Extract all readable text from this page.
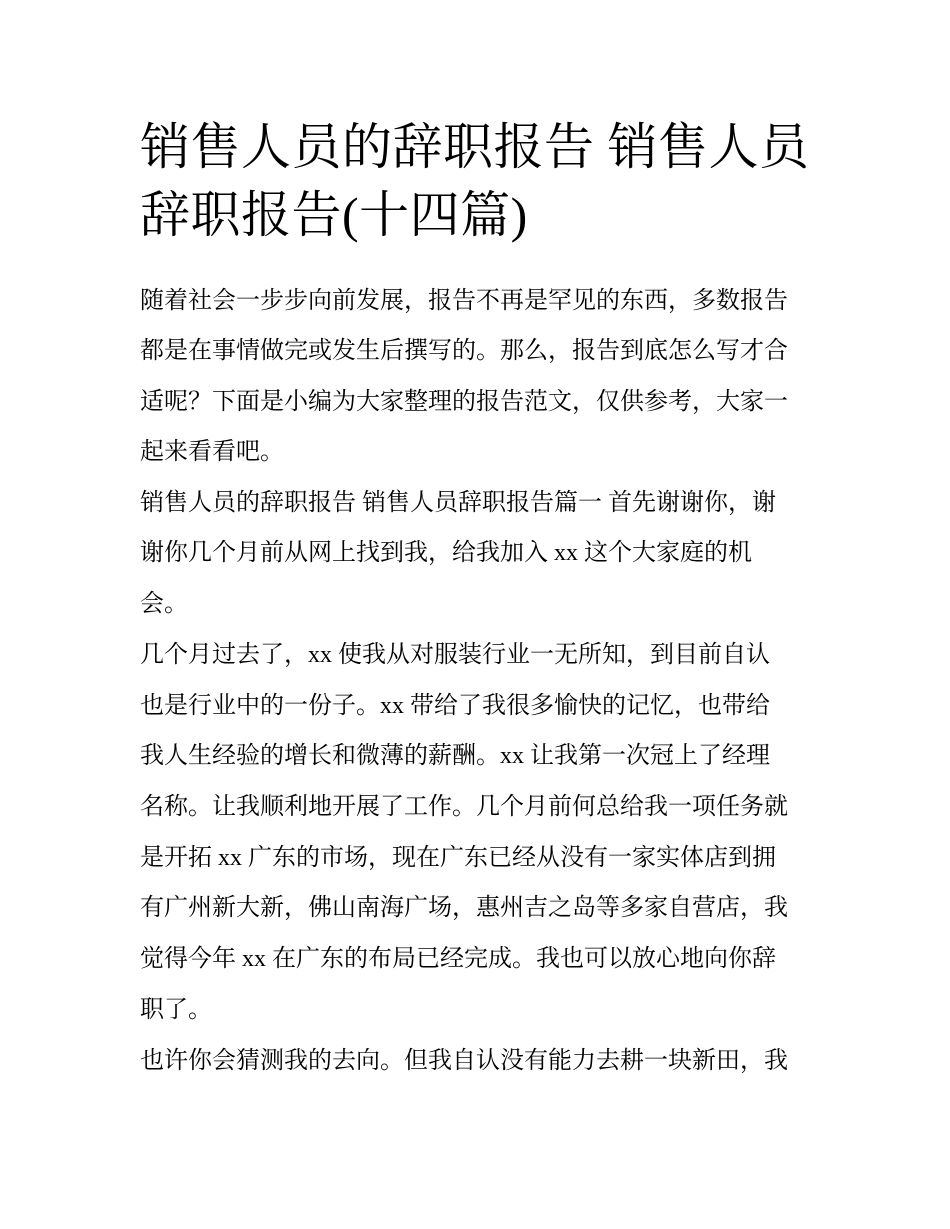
销售人员的辞职报告 销售人员
辞职报告(十四篇)

随着社会一步步向前发展，报告不再是罕见的东西，多数报告

都是在事情做完或发生后撰写的。那么，报告到底怎么写才合

适呢？下面是小编为大家整理的报告范文，仅供参考，大家一

起来看看吧。

销售人员的辞职报告 销售人员辞职报告篇一 首先谢谢你，谢

谢你几个月前从网上找到我，给我加入 xx 这个大家庭的机

会。

几个月过去了，xx 使我从对服装行业一无所知，到目前自认

也是行业中的一份子。xx 带给了我很多愉快的记忆，也带给

我人生经验的增长和微薄的薪酬。xx 让我第一次冠上了经理

名称。让我顺利地开展了工作。几个月前何总给我一项任务就

是开拓 xx 广东的市场，现在广东已经从没有一家实体店到拥

有广州新大新，佛山南海广场，惠州吉之岛等多家自营店，我

觉得今年 xx 在广东的布局已经完成。我也可以放心地向你辞

职了。

也许你会猜测我的去向。但我自认没有能力去耕一块新田，我
